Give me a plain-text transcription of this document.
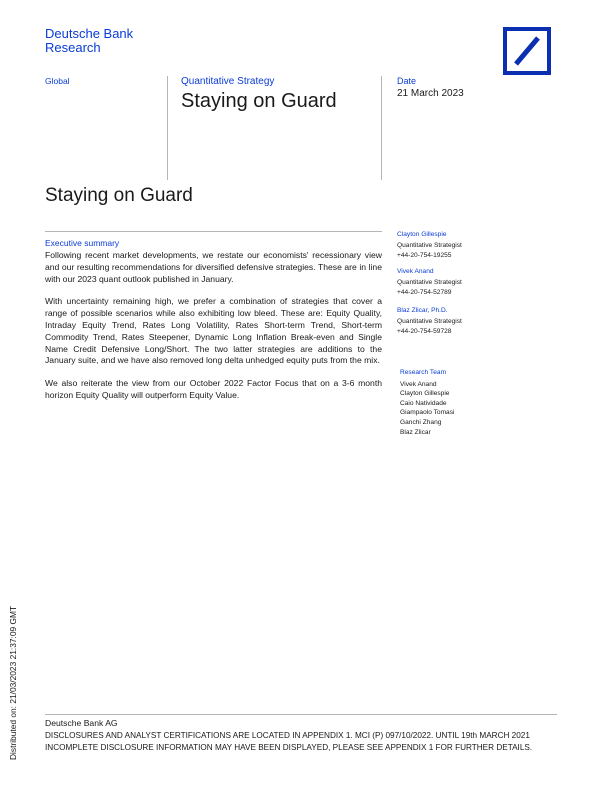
Deutsche Bank
Research
Global	Quantitative Strategy
Staying on Guard
Date
21 March 2023
Staying on Guard
Executive summary

Following recent market developments, we restate our economists' recessionary view and our resulting recommendations for diversified defensive strategies. These are in line with our 2023 quant outlook published in January.

With uncertainty remaining high, we prefer a combination of strategies that cover a range of possible scenarios while also exhibiting low bleed. These are: Equity Quality, Intraday Equity Trend, Rates Long Volatility, Rates Short-term Trend, Short-term Commodity Trend, Rates Steepener, Dynamic Long Inflation Break-even and Single Name Credit Defensive Long/Short. The two latter strategies are additions to the January suite, and we have also removed long delta unhedged equity puts from the mix.

We also reiterate the view from our October 2022 Factor Focus that on a 3-6 month horizon Equity Quality will outperform Equity Value.

Clayton Gillespie
Quantitative Strategist
+44-20-754-19255
Vivek Anand
Quantitative Strategist
+44-20-754-52789
Blaz Zlicar, Ph.D.
Quantitative Strategist
+44-20-754-59728
Research Team
Vivek Anand
Clayton Gillespie
Caio Natividade
Giampaolo Tomasi
Ganchi Zhang
Blaz Zlicar
Deutsche Bank AG
DISCLOSURES AND ANALYST CERTIFICATIONS ARE LOCATED IN APPENDIX 1. MCI (P) 097/10/2022. UNTIL 19th MARCH 2021 INCOMPLETE DISCLOSURE INFORMATION MAY HAVE BEEN DISPLAYED, PLEASE SEE APPENDIX 1 FOR FURTHER DETAILS.
Distributed on: 21/03/2023 21:37:09 GMT
